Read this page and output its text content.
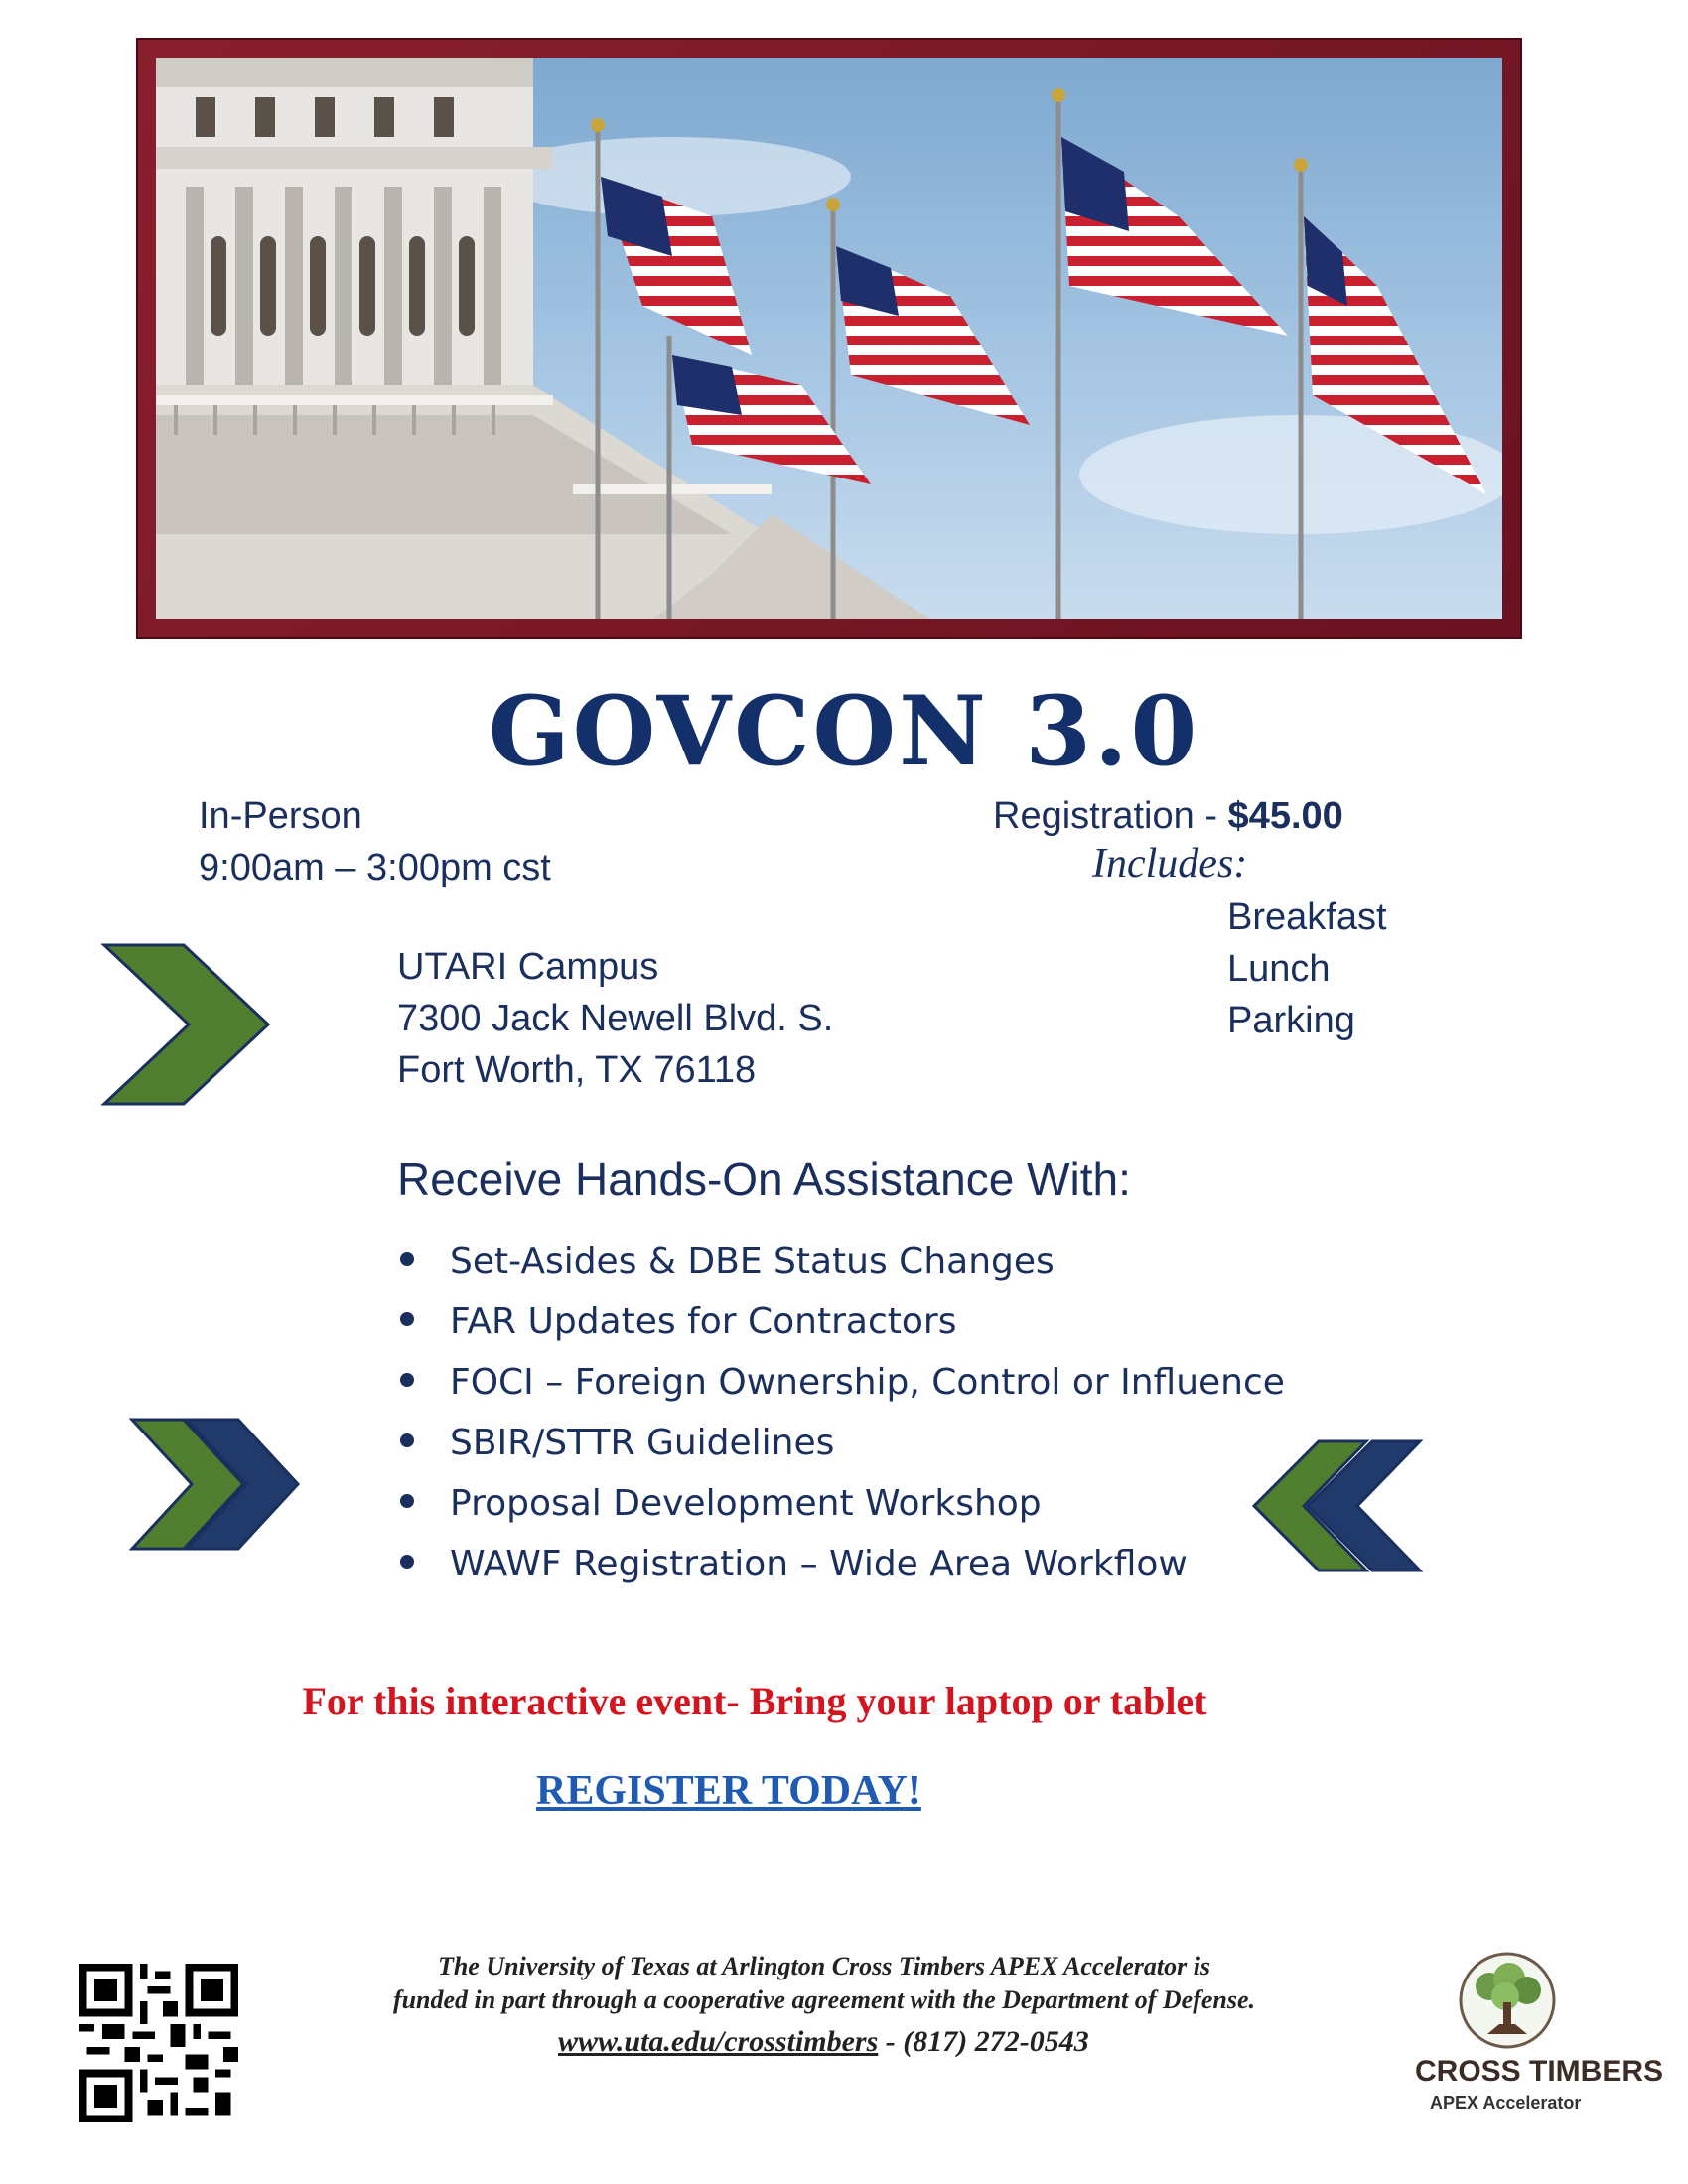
GOVCON 3.0
In-Person
9:00am – 3:00pm cst
Registration - $45.00
Includes:
Breakfast
Lunch
Parking
UTARI Campus
7300 Jack Newell Blvd. S.
Fort Worth, TX 76118
Receive Hands-On Assistance With:
Set-Asides & DBE Status Changes
FAR Updates for Contractors
FOCI – Foreign Ownership, Control or Influence
SBIR/STTR Guidelines
Proposal Development Workshop
WAWF Registration – Wide Area Workflow
For this interactive event- Bring your laptop or tablet
REGISTER TODAY!
The University of Texas at Arlington Cross Timbers APEX Accelerator is
funded in part through a cooperative agreement with the Department of Defense.
www.uta.edu/crosstimbers - (817) 272-0543
CROSS TIMBERS
APEX Accelerator
